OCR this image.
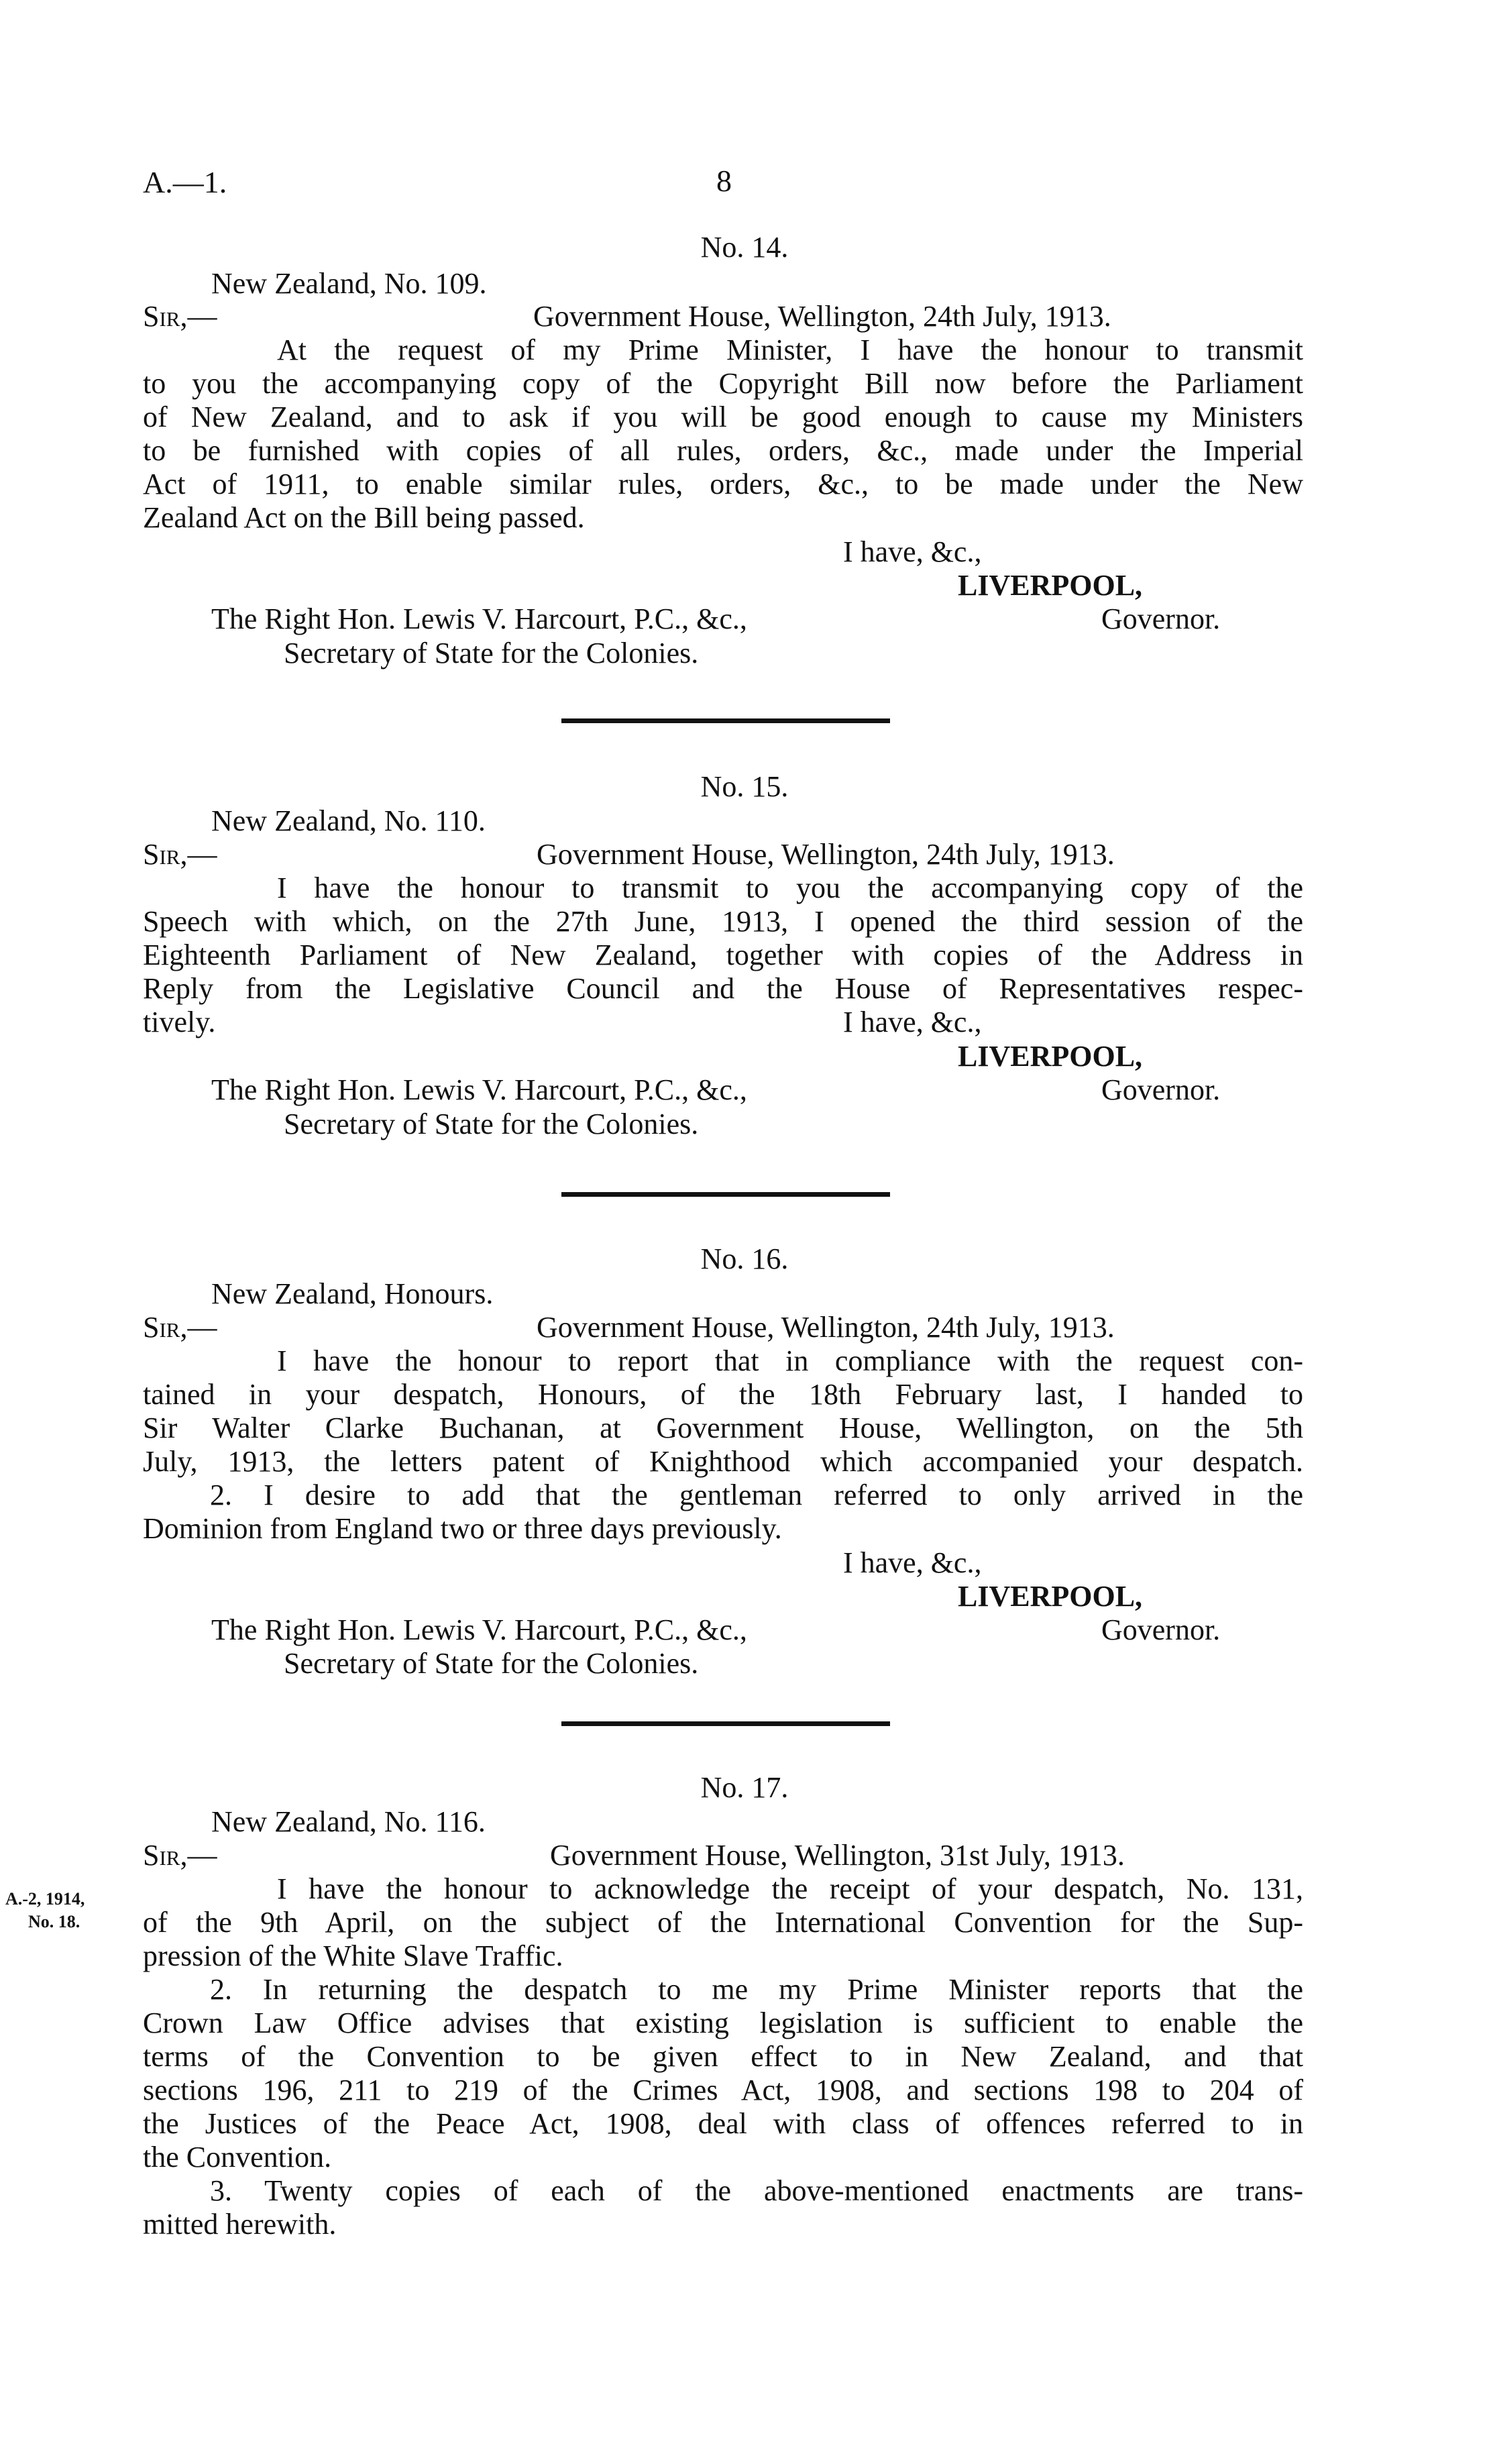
A.—1.	8
No. 14.
New Zealand, No. 109.
Sir,—	Government House, Wellington, 24th July, 1913.
At the request of my Prime Minister, I have the honour to transmit
to you the accompanying copy of the Copyright Bill now before the Parliament
of New Zealand, and to ask if you will be good enough to cause my Ministers
to be furnished with copies of all rules, orders, &c., made under the Imperial
Act of 1911, to enable similar rules, orders, &c., to be made under the New
Zealand Act on the Bill being passed.
I have, &c.,
LIVERPOOL,
Governor.
The Right Hon. Lewis V. Harcourt, P.C., &c.,
Secretary of State for the Colonies.
No. 15.
New Zealand, No. 110.
Sir,—	Government House, Wellington, 24th July, 1913.
I have the honour to transmit to you the accompanying copy of the
Speech with which, on the 27th June, 1913, I opened the third session of the
Eighteenth Parliament of New Zealand, together with copies of the Address in
Reply from the Legislative Council and the House of Representatives respec-
tively.	I have, &c.,
LIVERPOOL,
Governor.
The Right Hon. Lewis V. Harcourt, P.C., &c.,
Secretary of State for the Colonies.
No. 16.
New Zealand, Honours.
Sir,—	Government House, Wellington, 24th July, 1913.
I have the honour to report that in compliance with the request con-
tained in your despatch, Honours, of the 18th February last, I handed to
Sir Walter Clarke Buchanan, at Government House, Wellington, on the 5th
July, 1913, the letters patent of Knighthood which accompanied your despatch.
2. I desire to add that the gentleman referred to only arrived in the
Dominion from England two or three days previously.
I have, &c.,
LIVERPOOL,
Governor.
The Right Hon. Lewis V. Harcourt, P.C., &c.,
Secretary of State for the Colonies.
No. 17.
New Zealand, No. 116.
Sir,—	Government House, Wellington, 31st July, 1913.
A.-2, 1914,
No. 18.
I have the honour to acknowledge the receipt of your despatch, No. 131,
of the 9th April, on the subject of the International Convention for the Sup-
pression of the White Slave Traffic.
2. In returning the despatch to me my Prime Minister reports that the
Crown Law Office advises that existing legislation is sufficient to enable the
terms of the Convention to be given effect to in New Zealand, and that
sections 196, 211 to 219 of the Crimes Act, 1908, and sections 198 to 204 of
the Justices of the Peace Act, 1908, deal with class of offences referred to in
the Convention.
3. Twenty copies of each of the above-mentioned enactments are trans-
mitted herewith.
